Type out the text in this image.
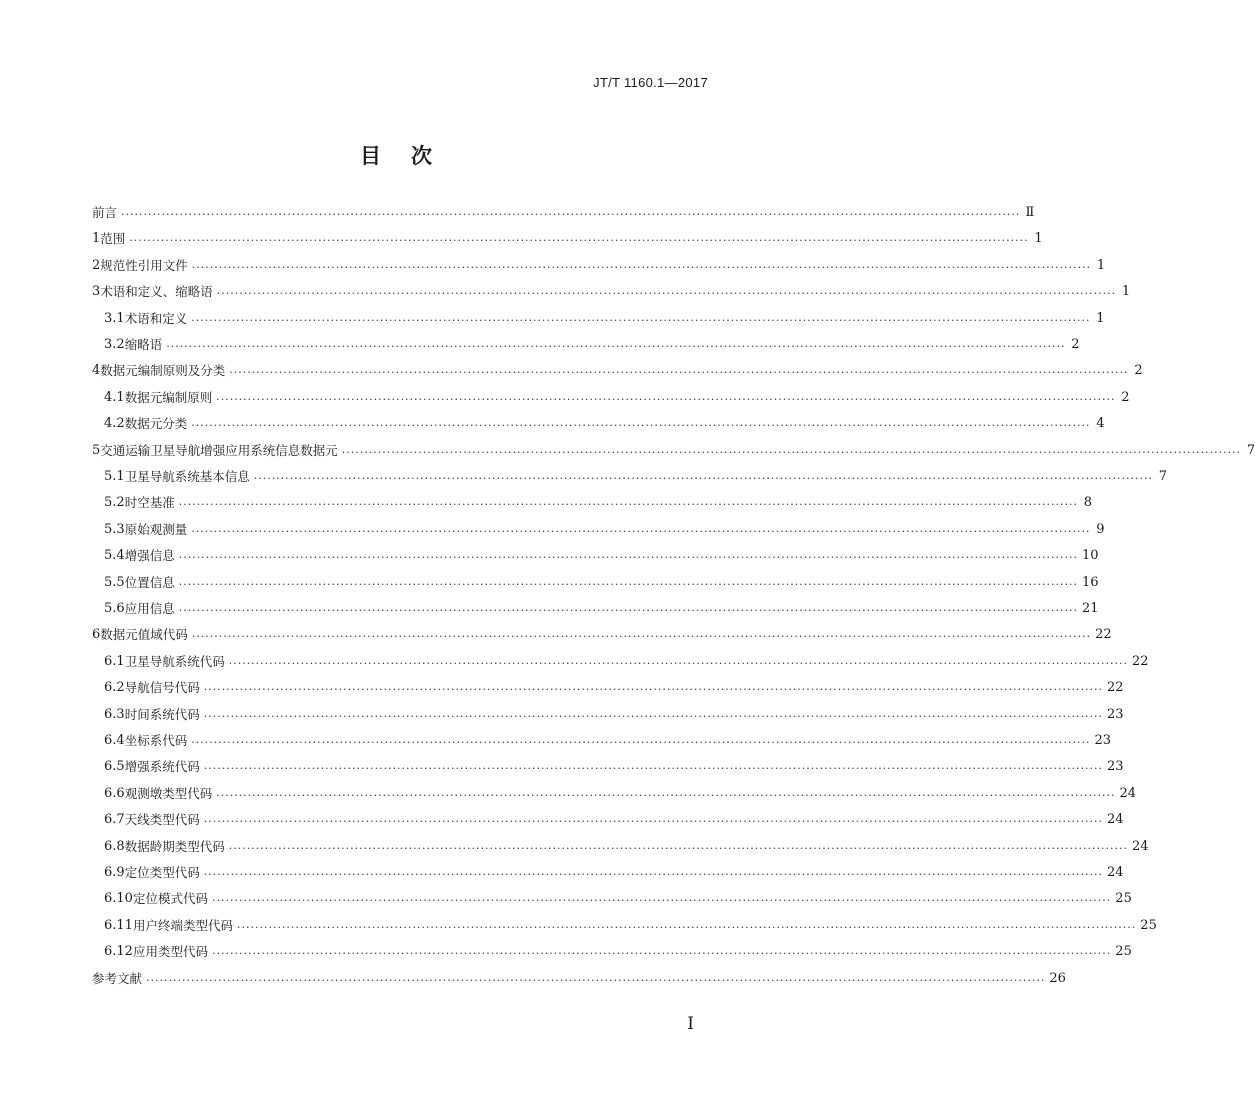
JT/T 1160.1—2017
目次
前言 ········································································································································································································ Ⅱ
1 范围 ········································································································································································································ 1
2 规范性引用文件 ········································································································································································································ 1
3 术语和定义、缩略语 ········································································································································································································ 1
3.1 术语和定义 ········································································································································································································ 1
3.2 缩略语 ········································································································································································································ 2
4 数据元编制原则及分类 ········································································································································································································ 2
4.1 数据元编制原则 ········································································································································································································ 2
4.2 数据元分类 ········································································································································································································ 4
5 交通运输卫星导航增强应用系统信息数据元 ········································································································································································································ 7
5.1 卫星导航系统基本信息 ········································································································································································································ 7
5.2 时空基准 ········································································································································································································ 8
5.3 原始观测量 ········································································································································································································ 9
5.4 增强信息 ········································································································································································································ 10
5.5 位置信息 ········································································································································································································ 16
5.6 应用信息 ········································································································································································································ 21
6 数据元值域代码 ········································································································································································································ 22
6.1 卫星导航系统代码 ········································································································································································································ 22
6.2 导航信号代码 ········································································································································································································ 22
6.3 时间系统代码 ········································································································································································································ 23
6.4 坐标系代码 ········································································································································································································ 23
6.5 增强系统代码 ········································································································································································································ 23
6.6 观测墩类型代码 ········································································································································································································ 24
6.7 天线类型代码 ········································································································································································································ 24
6.8 数据龄期类型代码 ········································································································································································································ 24
6.9 定位类型代码 ········································································································································································································ 24
6.10 定位模式代码 ········································································································································································································ 25
6.11 用户终端类型代码 ········································································································································································································ 25
6.12 应用类型代码 ········································································································································································································ 25
参考文献 ········································································································································································································ 26
I
